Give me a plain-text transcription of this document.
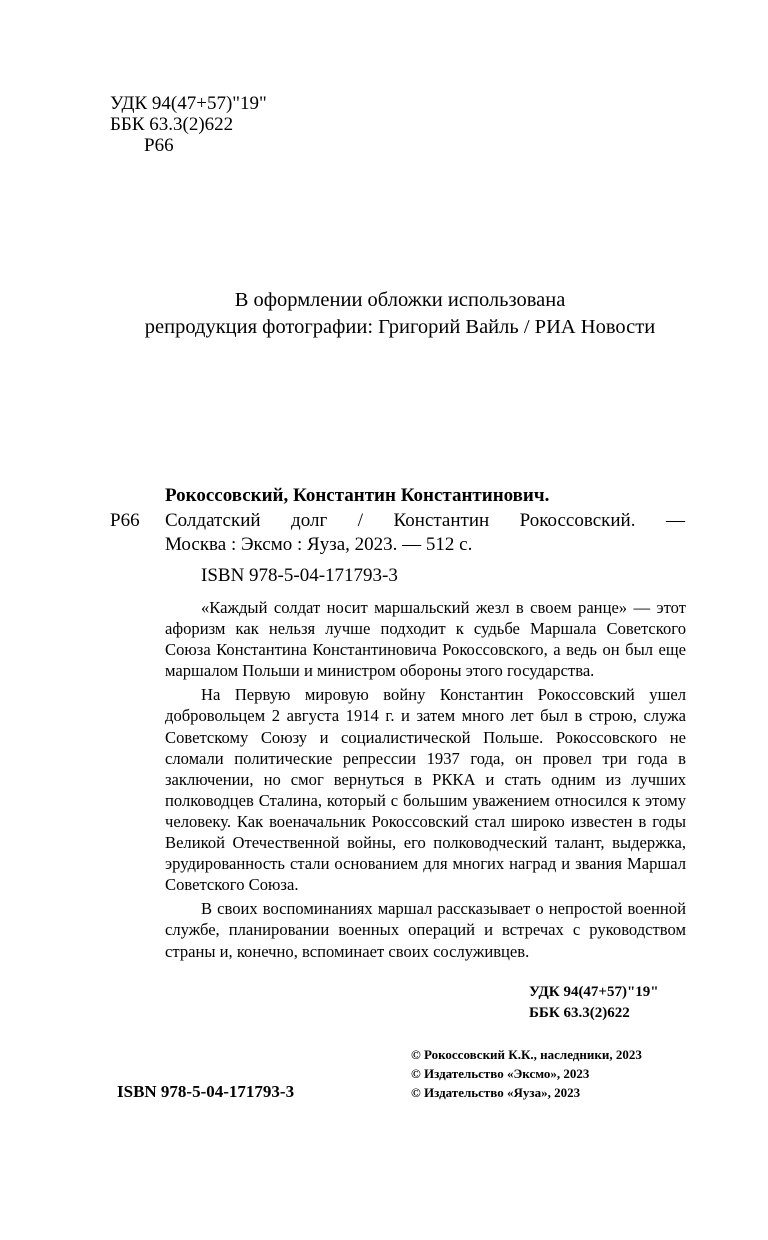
УДК 94(47+57)"19"
ББК 63.3(2)622
Р66
В оформлении обложки использована
репродукция фотографии: Григорий Вайль / РИА Новости
Рокоссовский, Константин Константинович.
Р66 Солдатский долг / Константин Рокоссовский. —
Москва : Эксмо : Яуза, 2023. — 512 с.
ISBN 978-5-04-171793-3

«Каждый солдат носит маршальский жезл в своем ранце» — этот афоризм как нельзя лучше подходит к судьбе Маршала Советского Союза Константина Константиновича Рокоссовского, а ведь он был еще маршалом Польши и министром обороны этого государства.

На Первую мировую войну Константин Рокоссовский ушел добровольцем 2 августа 1914 г. и затем много лет был в строю, служа Советскому Союзу и социалистической Польше. Рокоссовского не сломали политические репрессии 1937 года, он провел три года в заключении, но смог вернуться в РККА и стать одним из лучших полководцев Сталина, который с большим уважением относился к этому человеку. Как военачальник Рокоссовский стал широко известен в годы Великой Отечественной войны, его полководческий талант, выдержка, эрудированность стали основанием для многих наград и звания Маршал Советского Союза.

В своих воспоминаниях маршал рассказывает о непростой военной службе, планировании военных операций и встречах с руководством страны и, конечно, вспоминает своих сослуживцев.

УДК 94(47+57)"19"
ББК 63.3(2)622
ISBN 978-5-04-171793-3
© Рокоссовский К.К., наследники, 2023
© Издательство «Эксмо», 2023
© Издательство «Яуза», 2023
